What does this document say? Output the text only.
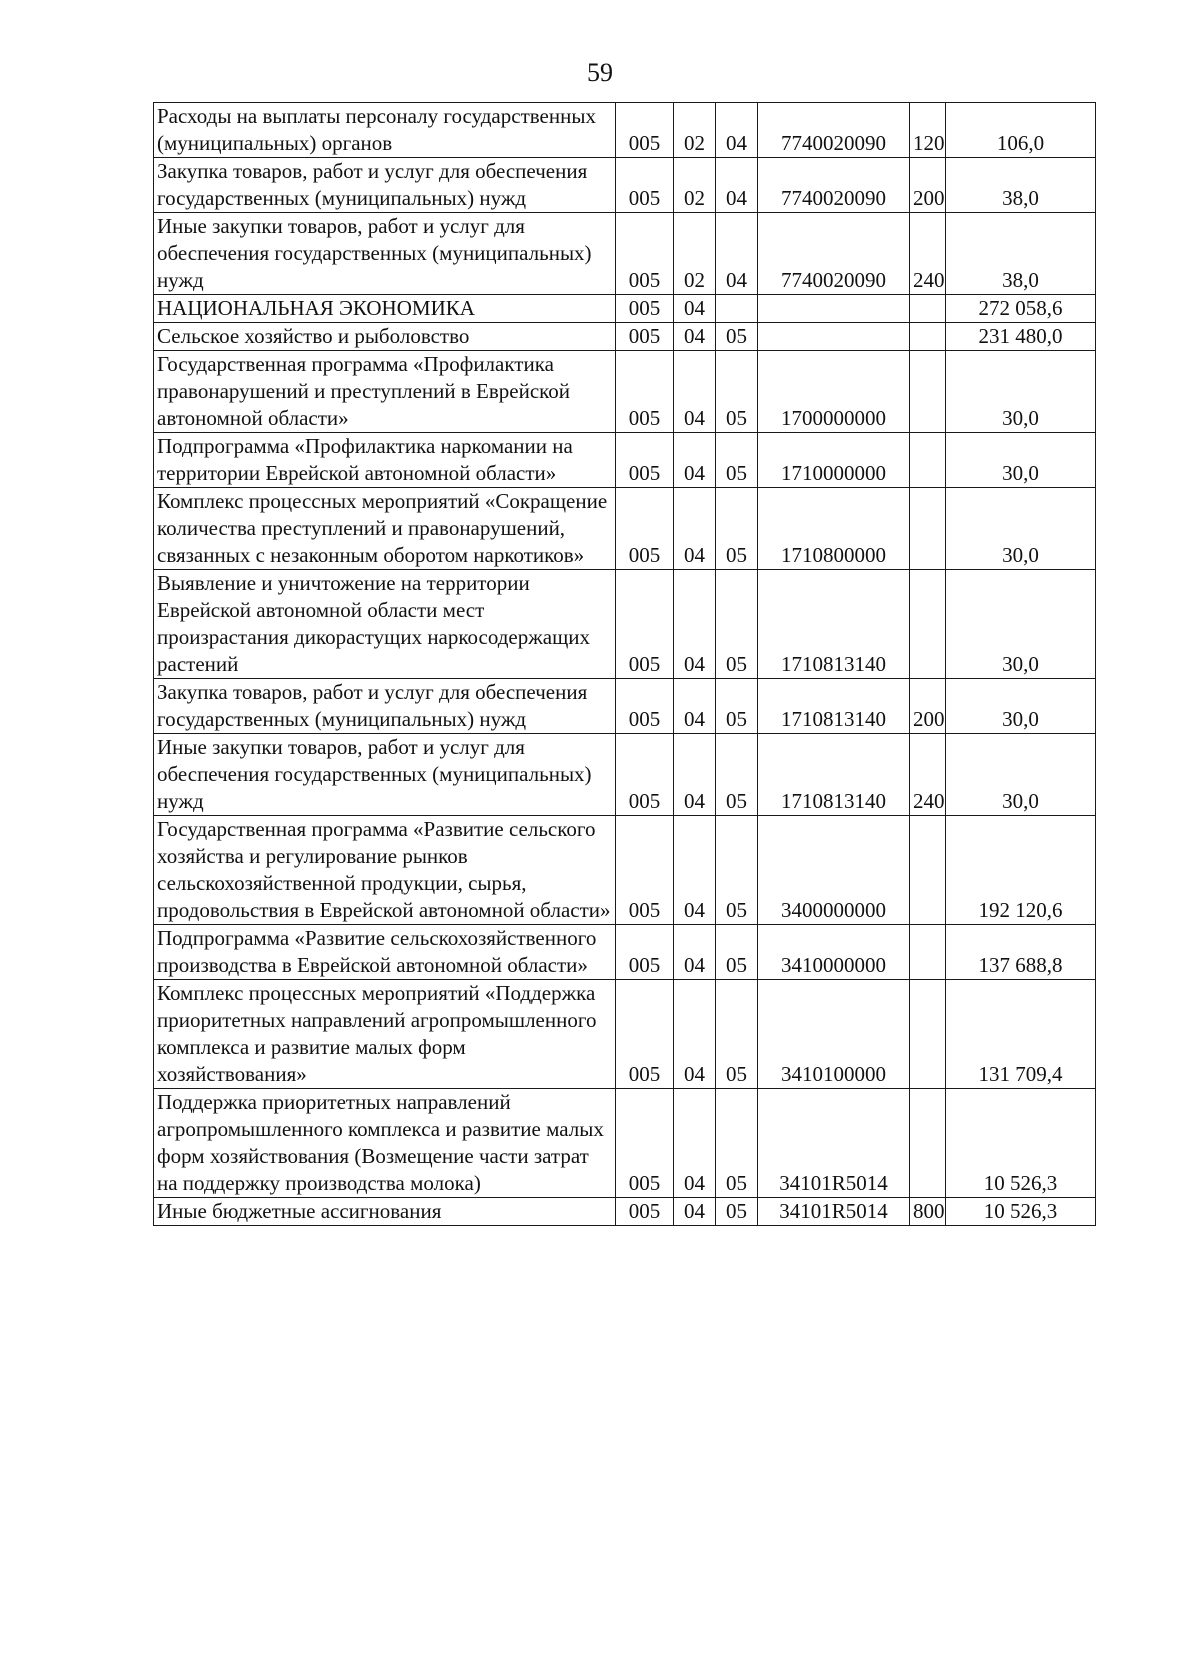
59
Расходы на выплаты персоналу государственных (муниципальных) органов	005	02	04	7740020090	120	106,0
Закупка товаров, работ и услуг для обеспечения государственных (муниципальных) нужд	005	02	04	7740020090	200	38,0
Иные закупки товаров, работ и услуг для обеспечения государственных (муниципальных) нужд	005	02	04	7740020090	240	38,0
НАЦИОНАЛЬНАЯ ЭКОНОМИКА	005	04				272 058,6
Сельское хозяйство и рыболовство	005	04	05			231 480,0
Государственная программа «Профилактика правонарушений и преступлений в Еврейской автономной области»	005	04	05	1700000000		30,0
Подпрограмма «Профилактика наркомании на территории Еврейской автономной области»	005	04	05	1710000000		30,0
Комплекс процессных мероприятий «Сокращение количества преступлений и правонарушений, связанных с незаконным оборотом наркотиков»	005	04	05	1710800000		30,0
Выявление и уничтожение на территории Еврейской автономной области мест произрастания дикорастущих наркосодержащих растений	005	04	05	1710813140		30,0
Закупка товаров, работ и услуг для обеспечения государственных (муниципальных) нужд	005	04	05	1710813140	200	30,0
Иные закупки товаров, работ и услуг для обеспечения государственных (муниципальных) нужд	005	04	05	1710813140	240	30,0
Государственная программа «Развитие сельского хозяйства и регулирование рынков сельскохозяйственной продукции, сырья, продовольствия в Еврейской автономной области»	005	04	05	3400000000		192 120,6
Подпрограмма «Развитие сельскохозяйственного производства в Еврейской автономной области»	005	04	05	3410000000		137 688,8
Комплекс процессных мероприятий «Поддержка приоритетных направлений агропромышленного комплекса и развитие малых форм хозяйствования»	005	04	05	3410100000		131 709,4
Поддержка приоритетных направлений агропромышленного комплекса и развитие малых форм хозяйствования (Возмещение части затрат на поддержку производства молока)	005	04	05	34101R5014		10 526,3
Иные бюджетные ассигнования	005	04	05	34101R5014	800	10 526,3
